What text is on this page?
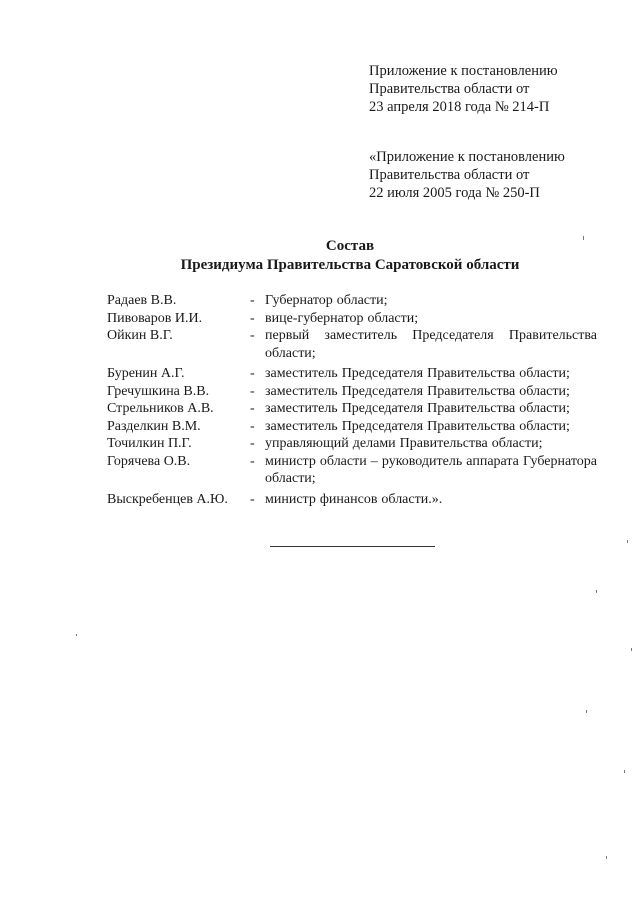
Приложение к постановлению
Правительства области от
23 апреля 2018 года № 214-П
«Приложение к постановлению
Правительства области от
22 июля 2005 года № 250-П
Состав
Президиума Правительства Саратовской области
Радаев В.В.	- Губернатор области;
Пивоваров И.И.	- вице-губернатор области;
Ойкин В.Г.	- первый заместитель Председателя Правительства области;
Буренин А.Г.	- заместитель Председателя Правительства области;
Гречушкина В.В.	- заместитель Председателя Правительства области;
Стрельников А.В.	- заместитель Председателя Правительства области;
Разделкин В.М.	- заместитель Председателя Правительства области;
Точилкин П.Г.	- управляющий делами Правительства области;
Горячева О.В.	- министр области – руководитель аппарата Губернатора области;
Выскребенцев А.Ю.	- министр финансов области.».
